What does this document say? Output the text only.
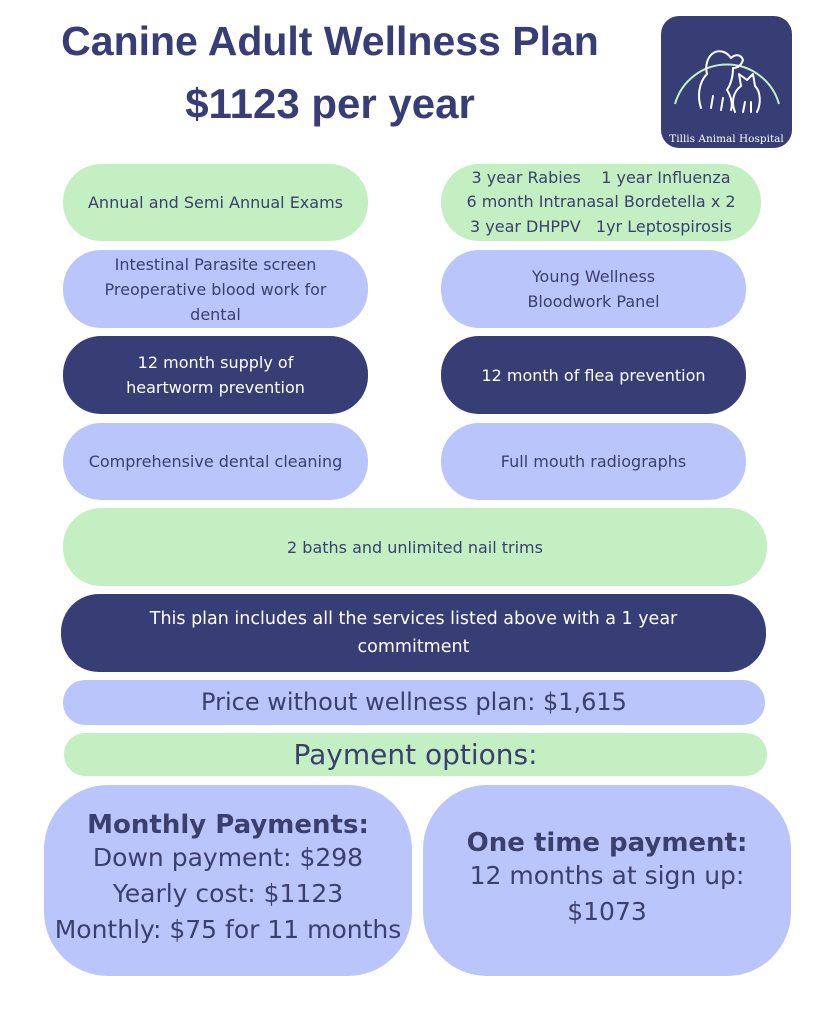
Canine Adult Wellness Plan
$1123 per year
Tillis Animal Hospital
Annual and Semi Annual Exams
3 year Rabies    1 year Influenza
6 month Intranasal Bordetella x 2
3 year DHPPV   1yr Leptospirosis
Intestinal Parasite screen
Preoperative blood work for
dental
Young Wellness
Bloodwork Panel
12 month supply of
heartworm prevention
12 month of flea prevention
Comprehensive dental cleaning	Full mouth radiographs
2 baths and unlimited nail trims
This plan includes all the services listed above with a 1 year
commitment
Price without wellness plan: $1,615
Payment options:
Monthly Payments:
Down payment: $298
Yearly cost: $1123
Monthly: $75 for 11 months
One time payment:
12 months at sign up:
$1073
